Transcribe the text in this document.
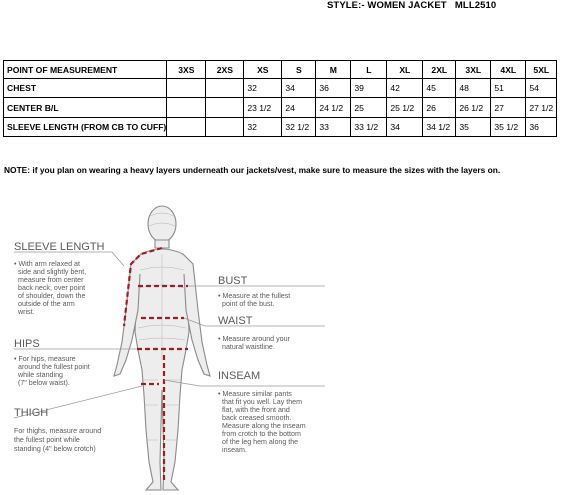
STYLE:- WOMEN JACKET   MLL2510
POINT OF MEASUREMENT	3XS	2XS	XS	S	M	L	XL	2XL	3XL	4XL	5XL
CHEST			32	34	36	39	42	45	48	51	54
CENTER B/L			23 1/2	24	24 1/2	25	25 1/2	26	26 1/2	27	27 1/2
SLEEVE LENGTH (FROM CB TO CUFF)			32	32 1/2	33	33 1/2	34	34 1/2	35	35 1/2	36
NOTE: if you plan on wearing a heavy layers underneath our jackets/vest, make sure to measure the sizes with the layers on.
SLEEVE LENGTH
• With arm relaxed at
side and slightly bent,
measure from center
back neck, over point
of shoulder, down the
outside of the arm
wrist.
HIPS
• For hips, measure
around the fullest point
while standing
(7" below waist).
THIGH
For thighs, measure around
the fullest point while
standing (4" below crotch)
BUST
• Measure at the fullest
point of the bust.
WAIST
• Measure around your
natural waistline.
INSEAM
• Measure similar pants
that fit you well. Lay them
flat, with the front and
back creased smooth.
Measure along the inseam
from crotch to the bottom
of the leg hem along the
inseam.
